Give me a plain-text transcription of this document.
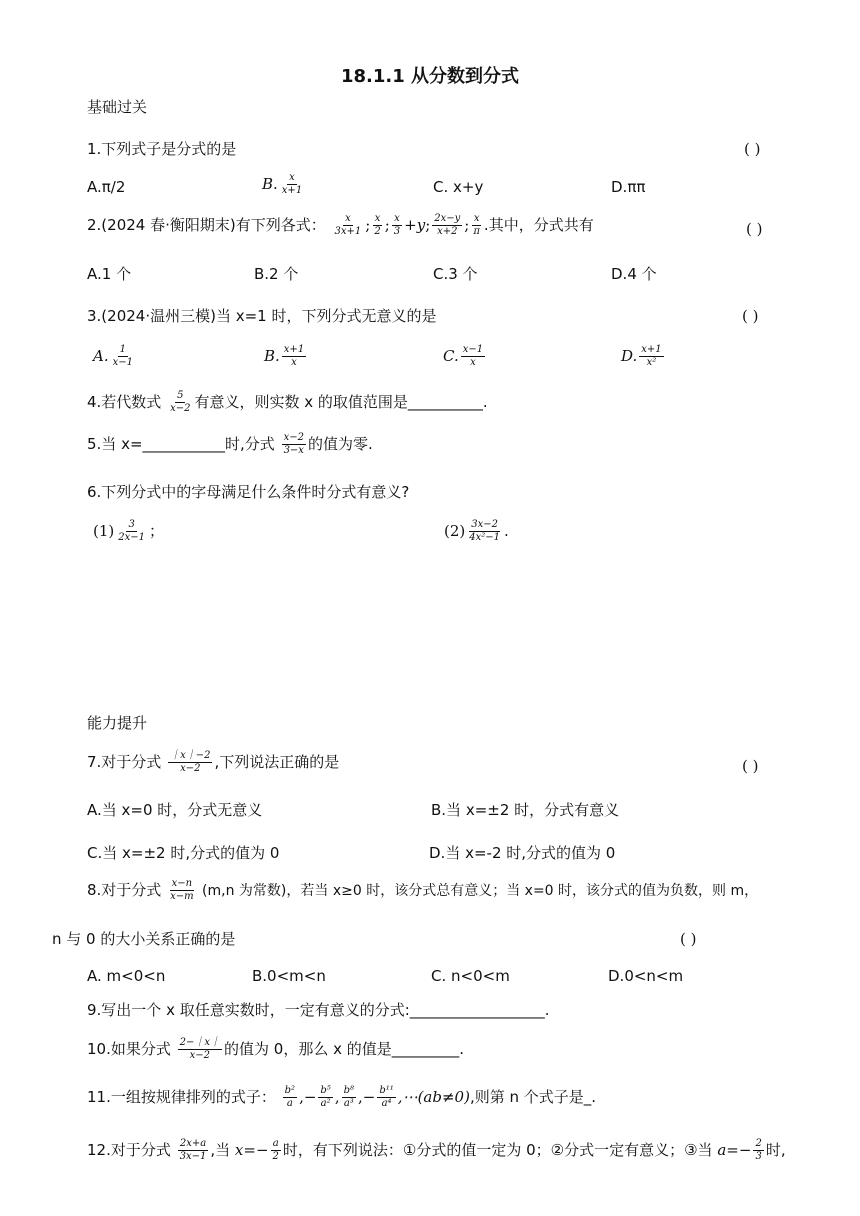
18.1.1 从分数到分式
基础过关
1.下列式子是分式的是	( )
A.π/2	B. $\frac{x}{x+1}$	C. x+y	D.ππ
2.(2024 春·衡阳期末)有下列各式： $\frac{x}{3x+1}$ ; $\frac{x}{2}$ ; $\frac{x}{3} +y$; $\frac{2x-y}{x+2}$ ; $\frac{x}{\pi}$ .其中，分式共有	( )
A.1 个	B.2 个	C.3 个	D.4 个
3.(2024·温州三模)当 x=1 时，下列分式无意义的是	( )
A. $\frac{1}{x-1}$	B. $\frac{x+1}{x}$	C. $\frac{x-1}{x}$	D. $\frac{x+1}{\text{x²}}$
4.若代数式 $\frac{5}{x-2}$ 有意义，则实数 x 的取值范围是__________.
5.当 x=___________时,分式 $\frac{x-2}{3-x}$ 的值为零.
6.下列分式中的字母满足什么条件时分式有意义?
$(1) \frac{3}{2x-1}$ ；	$(2) \frac{3x-2}{\text{4x²−1}}$ .
能力提升
7.对于分式 $\frac{|x|-2}{x-2}$ ,下列说法正确的是	( )
A.当 x=0 时，分式无意义	B.当 x=±2 时，分式有意义
C.当 x=±2 时,分式的值为 0	D.当 x=-2 时,分式的值为 0
8.对于分式 $\frac{x-n}{x-m} (m,n$ 为常数)，若当 x≥0 时，该分式总有意义；当 x=0 时，该分式的值为负数，则 m，
n 与 0 的大小关系正确的是	( )
A. m<0<n	B.0<m<n	C. n<0<m	D.0<n<m
9.写出一个 x 取任意实数时，一定有意义的分式:__________________.
10.如果分式 $\frac{2-|x|}{x-2}$ 的值为 0，那么 x 的值是_________.
11.一组按规律排列的式子： $\frac{\text{b²}}{a}$ ,− $\frac{\text{b⁵}}{\text{a²}}$ , $\frac{\text{b⁸}}{\text{a³}}$ ,− $\frac{\text{b¹¹}}{\text{a⁴}}$ ,⋯(ab≠0),则第 n 个式子是_.
12.对于分式 $\frac{2x+a}{3x-1}$ ,当 $x=- \frac{a}{2}$ 时，有下列说法：①分式的值一定为 0；②分式一定有意义；③当 $a=- \frac{2}{3}$ 时,
